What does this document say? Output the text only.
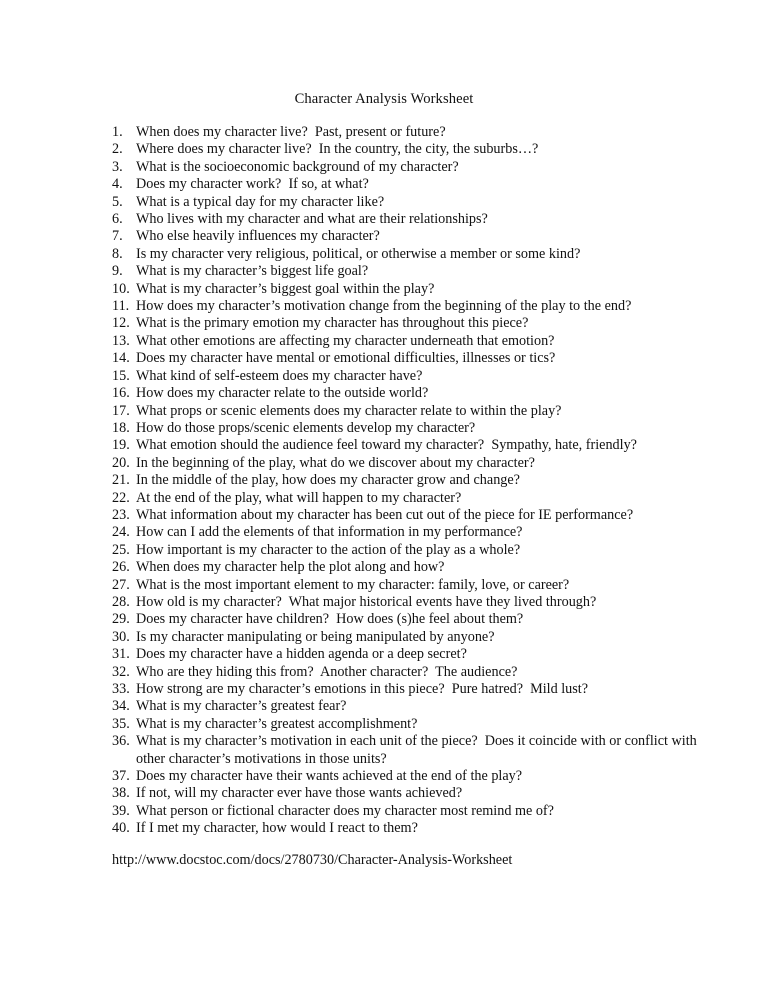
Character Analysis Worksheet
1. When does my character live?  Past, present or future?
2. Where does my character live?  In the country, the city, the suburbs…?
3. What is the socioeconomic background of my character?
4. Does my character work?  If so, at what?
5. What is a typical day for my character like?
6. Who lives with my character and what are their relationships?
7. Who else heavily influences my character?
8. Is my character very religious, political, or otherwise a member or some kind?
9. What is my character’s biggest life goal?
10. What is my character’s biggest goal within the play?
11. How does my character’s motivation change from the beginning of the play to the end?
12. What is the primary emotion my character has throughout this piece?
13. What other emotions are affecting my character underneath that emotion?
14. Does my character have mental or emotional difficulties, illnesses or tics?
15. What kind of self-esteem does my character have?
16. How does my character relate to the outside world?
17. What props or scenic elements does my character relate to within the play?
18. How do those props/scenic elements develop my character?
19. What emotion should the audience feel toward my character?  Sympathy, hate, friendly?
20. In the beginning of the play, what do we discover about my character?
21. In the middle of the play, how does my character grow and change?
22. At the end of the play, what will happen to my character?
23. What information about my character has been cut out of the piece for IE performance?
24. How can I add the elements of that information in my performance?
25. How important is my character to the action of the play as a whole?
26. When does my character help the plot along and how?
27. What is the most important element to my character: family, love, or career?
28. How old is my character?  What major historical events have they lived through?
29. Does my character have children?  How does (s)he feel about them?
30. Is my character manipulating or being manipulated by anyone?
31. Does my character have a hidden agenda or a deep secret?
32. Who are they hiding this from?  Another character?  The audience?
33. How strong are my character’s emotions in this piece?  Pure hatred?  Mild lust?
34. What is my character’s greatest fear?
35. What is my character’s greatest accomplishment?
36. What is my character’s motivation in each unit of the piece?  Does it coincide with or conflict with other character’s motivations in those units?
37. Does my character have their wants achieved at the end of the play?
38. If not, will my character ever have those wants achieved?
39. What person or fictional character does my character most remind me of?
40. If I met my character, how would I react to them?
http://www.docstoc.com/docs/2780730/Character-Analysis-Worksheet
